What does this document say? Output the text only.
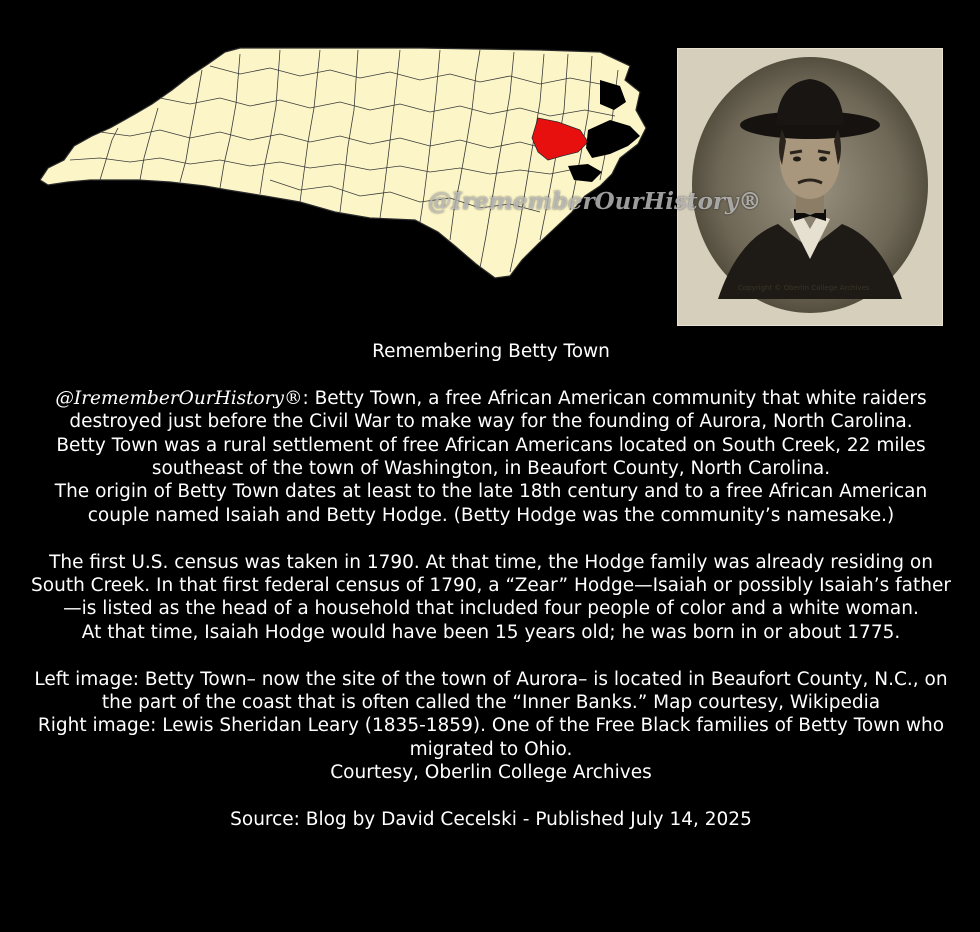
Copyright © Oberlin College Archives
@IrememberOurHistory®

Remembering Betty Town

@IrememberOurHistory®: Betty Town, a free African American community that white raiders destroyed just before the Civil War to make way for the founding of Aurora, North Carolina.

Betty Town was a rural settlement of free African Americans located on South Creek, 22 miles southeast of the town of Washington, in Beaufort County, North Carolina.

The origin of Betty Town dates at least to the late 18th century and to a free African American couple named Isaiah and Betty Hodge. (Betty Hodge was the community’s namesake.)

The first U.S. census was taken in 1790. At that time, the Hodge family was already residing on South Creek. In that first federal census of 1790, a “Zear” Hodge—Isaiah or possibly Isaiah’s father—is listed as the head of a household that included four people of color and a white woman.

At that time, Isaiah Hodge would have been 15 years old; he was born in or about 1775.

Left image: Betty Town– now the site of the town of Aurora– is located in Beaufort County, N.C., on the part of the coast that is often called the “Inner Banks.” Map courtesy, Wikipedia

Right image: Lewis Sheridan Leary (1835-1859). One of the Free Black families of Betty Town who migrated to Ohio.

Courtesy, Oberlin College Archives

Source: Blog by David Cecelski - Published July 14, 2025
